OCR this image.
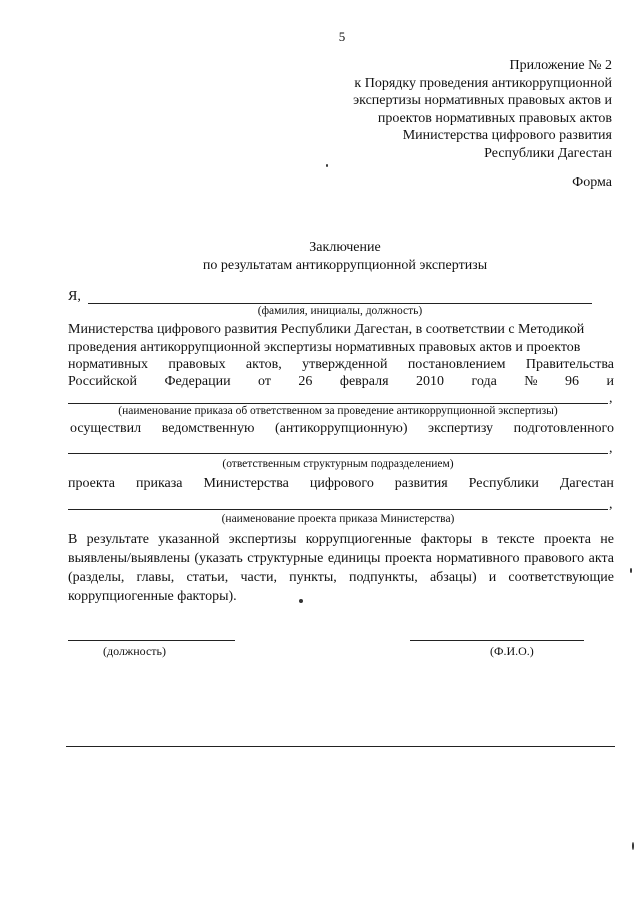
5
Приложение № 2
к Порядку проведения антикоррупционной
экспертизы нормативных правовых актов и
проектов нормативных правовых актов
Министерства цифрового развития
Республики Дагестан
Форма
Заключение
по результатам антикоррупционной экспертизы
Я,
(фамилия, инициалы, должность)
Министерства цифрового развития Республики Дагестан, в соответствии с Методикой
проведения антикоррупционной экспертизы нормативных правовых актов и проектов
нормативных правовых актов, утвержденной постановлением Правительства
Российской Федерации от 26 февраля 2010 года № 96 и
,
(наименование приказа об ответственном за проведение антикоррупционной экспертизы)
осуществил ведомственную (антикоррупционную) экспертизу подготовленного
,
(ответственным структурным подразделением)
проекта приказа Министерства цифрового развития Республики Дагестан
,
(наименование проекта приказа Министерства)
В результате указанной экспертизы коррупциогенные факторы в тексте проекта не выявлены/выявлены (указать структурные единицы проекта нормативного правового акта (разделы, главы, статьи, части, пункты, подпункты, абзацы) и соответствующие коррупциогенные факторы).
(должность)	(Ф.И.О.)
